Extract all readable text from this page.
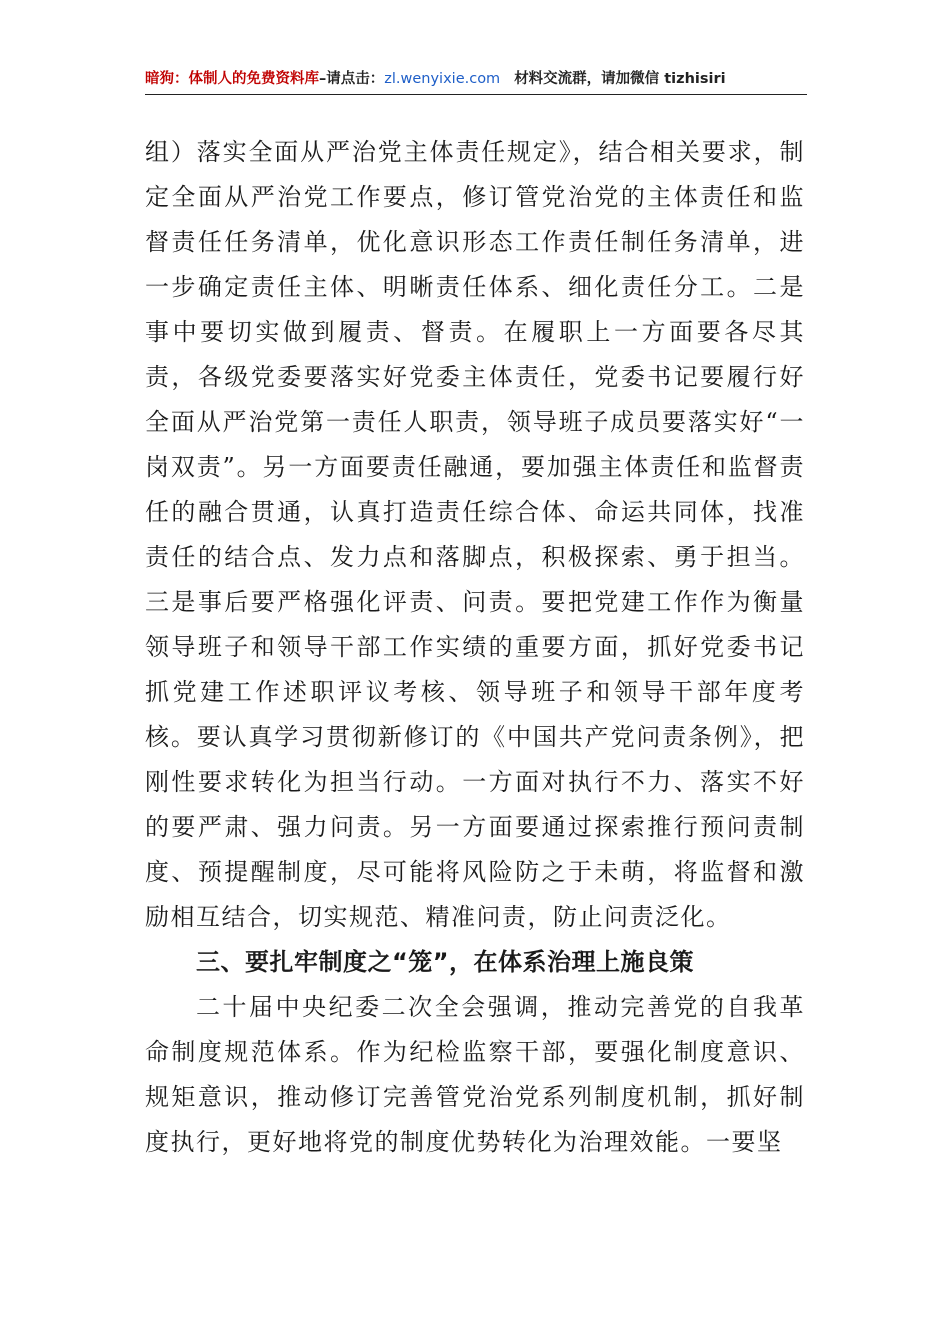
暗狗：体制人的免费资料库–请点击：zl.wenyixie.com 材料交流群，请加微信 tizhisiri

组）落实全面从严治党主体责任规定》，结合相关要求，制定全面从严治党工作要点，修订管党治党的主体责任和监督责任任务清单，优化意识形态工作责任制任务清单，进一步确定责任主体、明晰责任体系、细化责任分工。二是事中要切实做到履责、督责。在履职上一方面要各尽其责，各级党委要落实好党委主体责任，党委书记要履行好全面从严治党第一责任人职责，领导班子成员要落实好“一岗双责”。另一方面要责任融通，要加强主体责任和监督责任的融合贯通，认真打造责任综合体、命运共同体，找准责任的结合点、发力点和落脚点，积极探索、勇于担当。三是事后要严格强化评责、问责。要把党建工作作为衡量领导班子和领导干部工作实绩的重要方面，抓好党委书记抓党建工作述职评议考核、领导班子和领导干部年度考核。要认真学习贯彻新修订的《中国共产党问责条例》，把刚性要求转化为担当行动。一方面对执行不力、落实不好的要严肃、强力问责。另一方面要通过探索推行预问责制度、预提醒制度，尽可能将风险防之于未萌，将监督和激励相互结合，切实规范、精准问责，防止问责泛化。

三、要扎牢制度之“笼”，在体系治理上施良策

二十届中央纪委二次全会强调，推动完善党的自我革命制度规范体系。作为纪检监察干部，要强化制度意识、规矩意识，推动修订完善管党治党系列制度机制，抓好制度执行，更好地将党的制度优势转化为治理效能。一要坚
